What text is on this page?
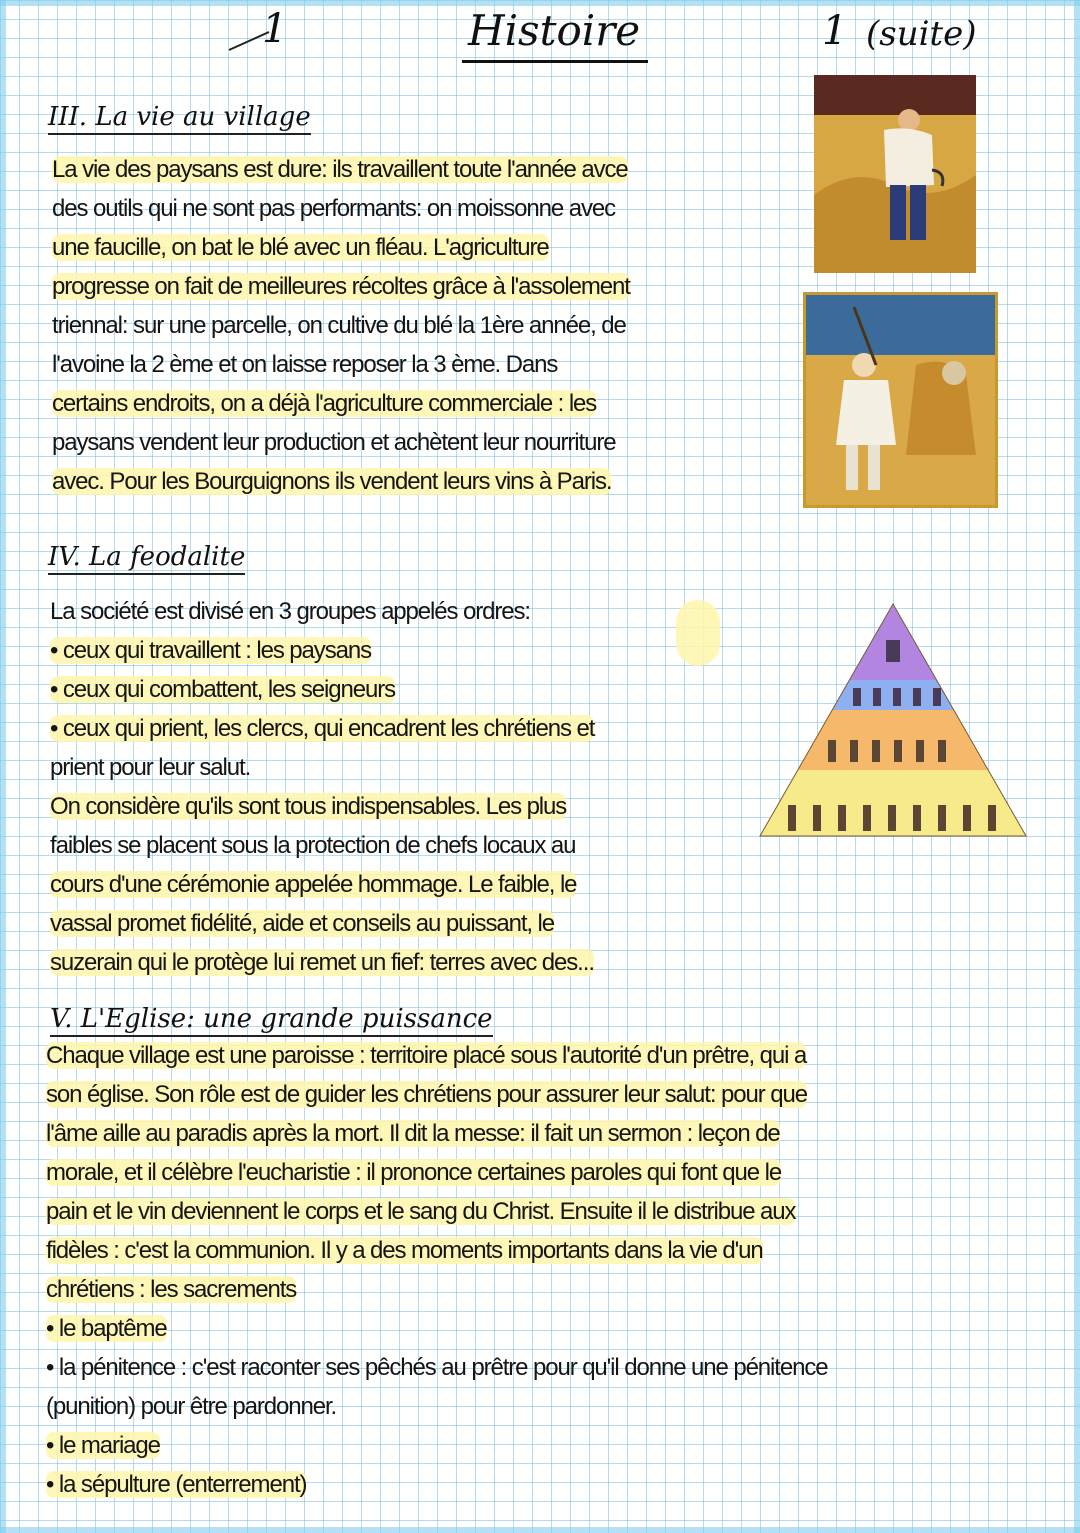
1	Histoire	1 (suite)
III. La vie au village

La vie des paysans est dure: ils travaillent toute l'année avce
des outils qui ne sont pas performants: on moissonne avec
une faucille, on bat le blé avec un fléau. L'agriculture
progresse on fait de meilleures récoltes grâce à l'assolement
triennal: sur une parcelle, on cultive du blé la 1ère année, de
l'avoine la 2 ème et on laisse reposer la 3 ème. Dans
certains endroits, on a déjà l'agriculture commerciale : les
paysans vendent leur production et achètent leur nourriture
avec. Pour les Bourguignons ils vendent leurs vins à Paris.

IV. La feodalite

La société est divisé en 3 groupes appelés ordres:
• ceux qui travaillent : les paysans
• ceux qui combattent, les seigneurs
• ceux qui prient, les clercs, qui encadrent les chrétiens et
prient pour leur salut.
On considère qu'ils sont tous indispensables. Les plus
faibles se placent sous la protection de chefs locaux au
cours d'une cérémonie appelée hommage. Le faible, le
vassal promet fidélité, aide et conseils au puissant, le
suzerain qui le protège lui remet un fief: terres avec des...

V. L'Eglise: une grande puissance

Chaque village est une paroisse : territoire placé sous l'autorité d'un prêtre, qui a
son église. Son rôle est de guider les chrétiens pour assurer leur salut: pour que
l'âme aille au paradis après la mort. Il dit la messe: il fait un sermon : leçon de
morale, et il célèbre l'eucharistie : il prononce certaines paroles qui font que le
pain et le vin deviennent le corps et le sang du Christ. Ensuite il le distribue aux
fidèles : c'est la communion. Il y a des moments importants dans la vie d'un
chrétiens : les sacrements
• le baptême
• la pénitence : c'est raconter ses pêchés au prêtre pour qu'il donne une pénitence
(punition) pour être pardonner.
• le mariage
• la sépulture (enterrement)
